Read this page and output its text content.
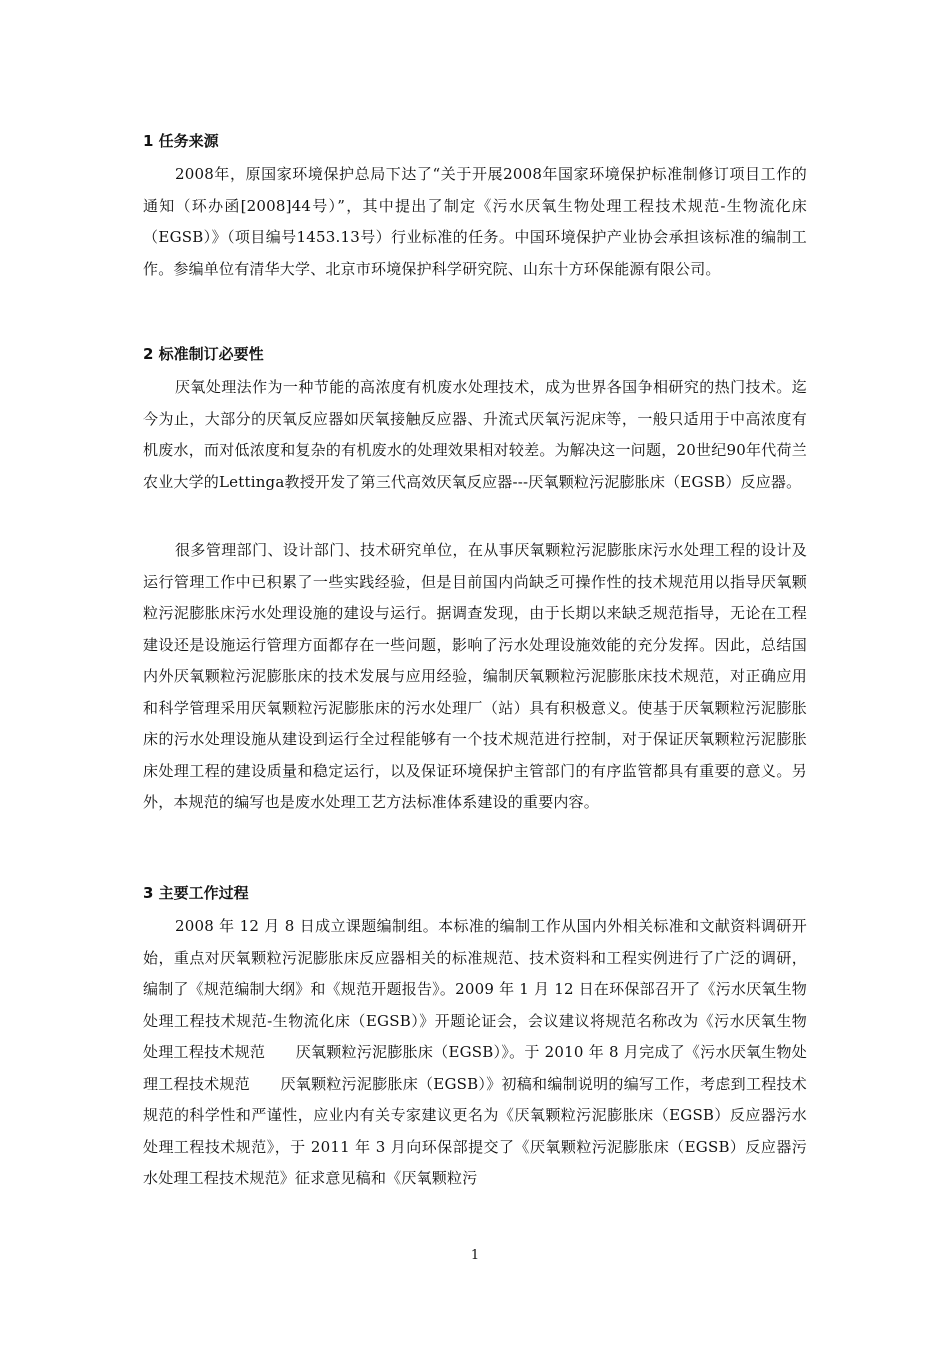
1 任务来源

2008年，原国家环境保护总局下达了“关于开展2008年国家环境保护标准制修订项目工作的通知（环办函[2008]44号）”，其中提出了制定《污水厌氧生物处理工程技术规范-生物流化床（EGSB）》（项目编号1453.13号）行业标准的任务。中国环境保护产业协会承担该标准的编制工作。参编单位有清华大学、北京市环境保护科学研究院、山东十方环保能源有限公司。

2 标准制订必要性

厌氧处理法作为一种节能的高浓度有机废水处理技术，成为世界各国争相研究的热门技术。迄今为止，大部分的厌氧反应器如厌氧接触反应器、升流式厌氧污泥床等，一般只适用于中高浓度有机废水，而对低浓度和复杂的有机废水的处理效果相对较差。为解决这一问题，20世纪90年代荷兰农业大学的Lettinga教授开发了第三代高效厌氧反应器---厌氧颗粒污泥膨胀床（EGSB）反应器。

很多管理部门、设计部门、技术研究单位，在从事厌氧颗粒污泥膨胀床污水处理工程的设计及运行管理工作中已积累了一些实践经验，但是目前国内尚缺乏可操作性的技术规范用以指导厌氧颗粒污泥膨胀床污水处理设施的建设与运行。据调查发现，由于长期以来缺乏规范指导，无论在工程建设还是设施运行管理方面都存在一些问题，影响了污水处理设施效能的充分发挥。因此，总结国内外厌氧颗粒污泥膨胀床的技术发展与应用经验，编制厌氧颗粒污泥膨胀床技术规范，对正确应用和科学管理采用厌氧颗粒污泥膨胀床的污水处理厂（站）具有积极意义。使基于厌氧颗粒污泥膨胀床的污水处理设施从建设到运行全过程能够有一个技术规范进行控制，对于保证厌氧颗粒污泥膨胀床处理工程的建设质量和稳定运行，以及保证环境保护主管部门的有序监管都具有重要的意义。另外，本规范的编写也是废水处理工艺方法标准体系建设的重要内容。

3 主要工作过程

2008 年 12 月 8 日成立课题编制组。本标准的编制工作从国内外相关标准和文献资料调研开始，重点对厌氧颗粒污泥膨胀床反应器相关的标准规范、技术资料和工程实例进行了广泛的调研，编制了《规范编制大纲》和《规范开题报告》。2009 年 1 月 12 日在环保部召开了《污水厌氧生物处理工程技术规范-生物流化床（EGSB）》开题论证会，会议建议将规范名称改为《污水厌氧生物处理工程技术规范　　厌氧颗粒污泥膨胀床（EGSB）》。于 2010 年 8 月完成了《污水厌氧生物处理工程技术规范　　厌氧颗粒污泥膨胀床（EGSB）》初稿和编制说明的编写工作，考虑到工程技术规范的科学性和严谨性，应业内有关专家建议更名为《厌氧颗粒污泥膨胀床（EGSB）反应器污水处理工程技术规范》，于 2011 年 3 月向环保部提交了《厌氧颗粒污泥膨胀床（EGSB）反应器污水处理工程技术规范》征求意见稿和《厌氧颗粒污

1
